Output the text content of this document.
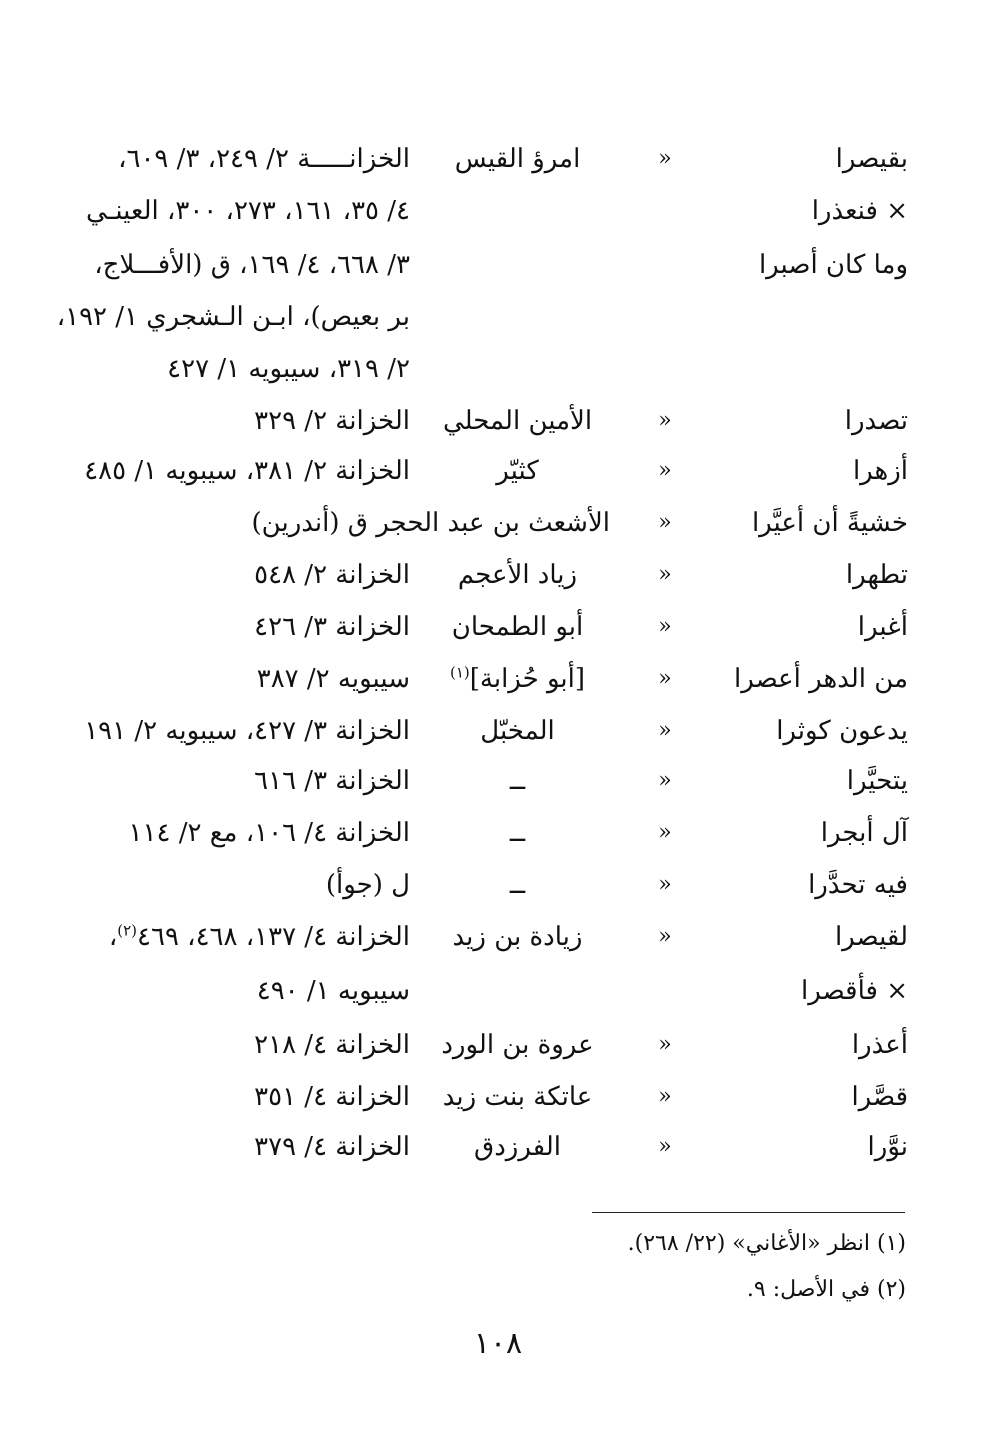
بقيصرا
«
امرؤ القيس
الخزانـــــة ٢/ ٢٤٩، ٣/ ٦٠٩،
× فنعذرا
٤/ ٣٥، ١٦١، ٢٧٣، ٣٠٠، العينـي
وما كان أصبرا
٣/ ٦٦٨، ٤/ ١٦٩، ق (الأفـــلاج،
بر بعيص)، ابـن الـشجري ١/ ١٩٢،
٢/ ٣١٩، سيبويه ١/ ٤٢٧
تصدرا
«
الأمين المحلي
الخزانة ٢/ ٣٢٩
أزهرا
«
كثيّر
الخزانة ٢/ ٣٨١، سيبويه ١/ ٤٨٥
خشيةً أن أعيَّرا
«
الأشعث بن عبد الحجر ق (أندرين)
تطهرا
«
زياد الأعجم
الخزانة ٢/ ٥٤٨
أغبرا
«
أبو الطمحان
الخزانة ٣/ ٤٢٦
من الدهر أعصرا
«
[أبو حُزابة]$^{(١)}$
سيبويه ٢/ ٣٨٧
يدعون كوثرا
«
المخبّل
الخزانة ٣/ ٤٢٧، سيبويه ٢/ ١٩١
يتحيَّرا
«
ــ
الخزانة ٣/ ٦١٦
آل أبجرا
«
ــ
الخزانة ٤/ ١٠٦، مع ٢/ ١١٤
فيه تحدَّرا
«
ــ
ل (جوأ)
لقيصرا
«
زيادة بن زيد
الخزانة ٤/ ١٣٧، ٤٦٨، $٤٦٩^{(٢)}،$
× فأقصرا
سيبويه ١/ ٤٩٠
أعذرا
«
عروة بن الورد
الخزانة ٤/ ٢١٨
قصَّرا
«
عاتكة بنت زيد
الخزانة ٤/ ٣٥١
نوَّرا
«
الفرزدق
الخزانة ٤/ ٣٧٩
(١) انظر «الأغاني» (٢٢/ ٢٦٨).
(٢) في الأصل: ٩.
١٠٨
